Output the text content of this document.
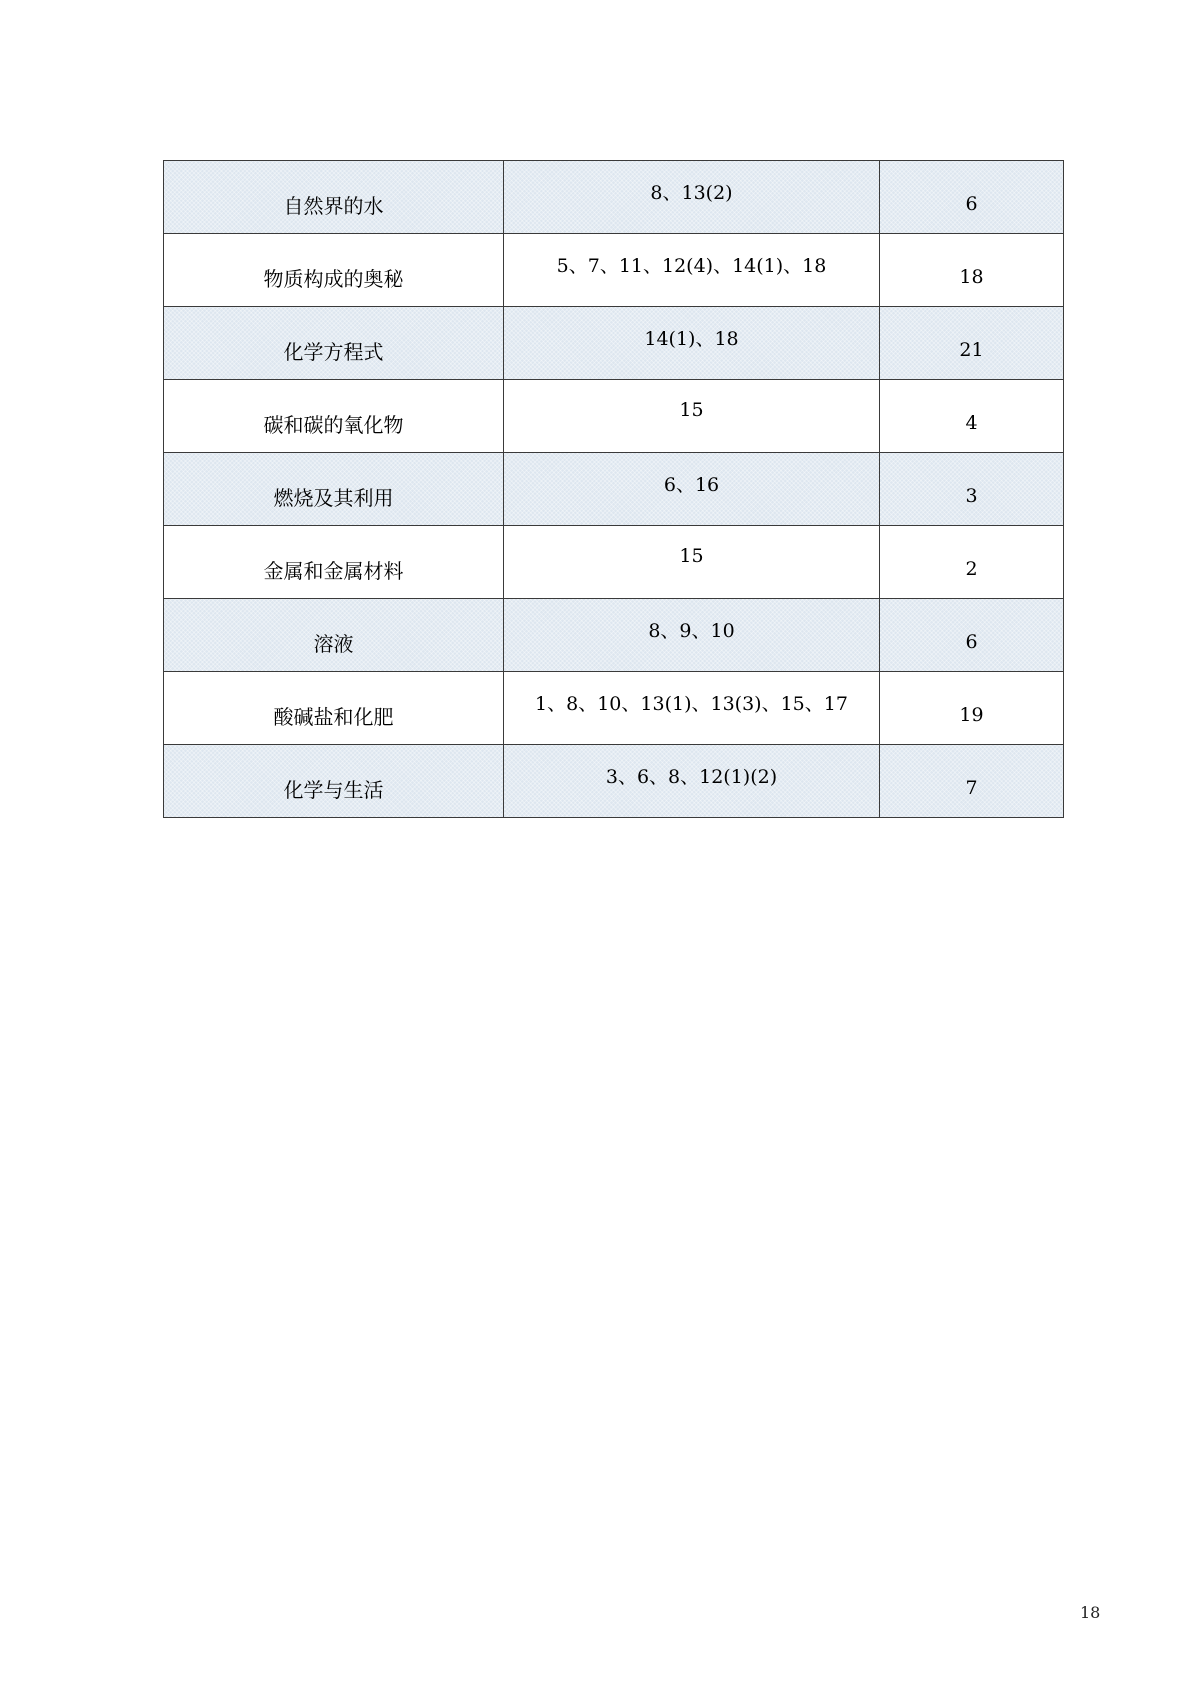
自然界的水	8、13(2)	6
物质构成的奥秘	5、7、11、12(4)、14(1)、18	18
化学方程式	14(1)、18	21
碳和碳的氧化物	15	4
燃烧及其利用	6、16	3
金属和金属材料	15	2
溶液	8、9、10	6
酸碱盐和化肥	1、8、10、13(1)、13(3)、15、17	19
化学与生活	3、6、8、12(1)(2)	7
18
